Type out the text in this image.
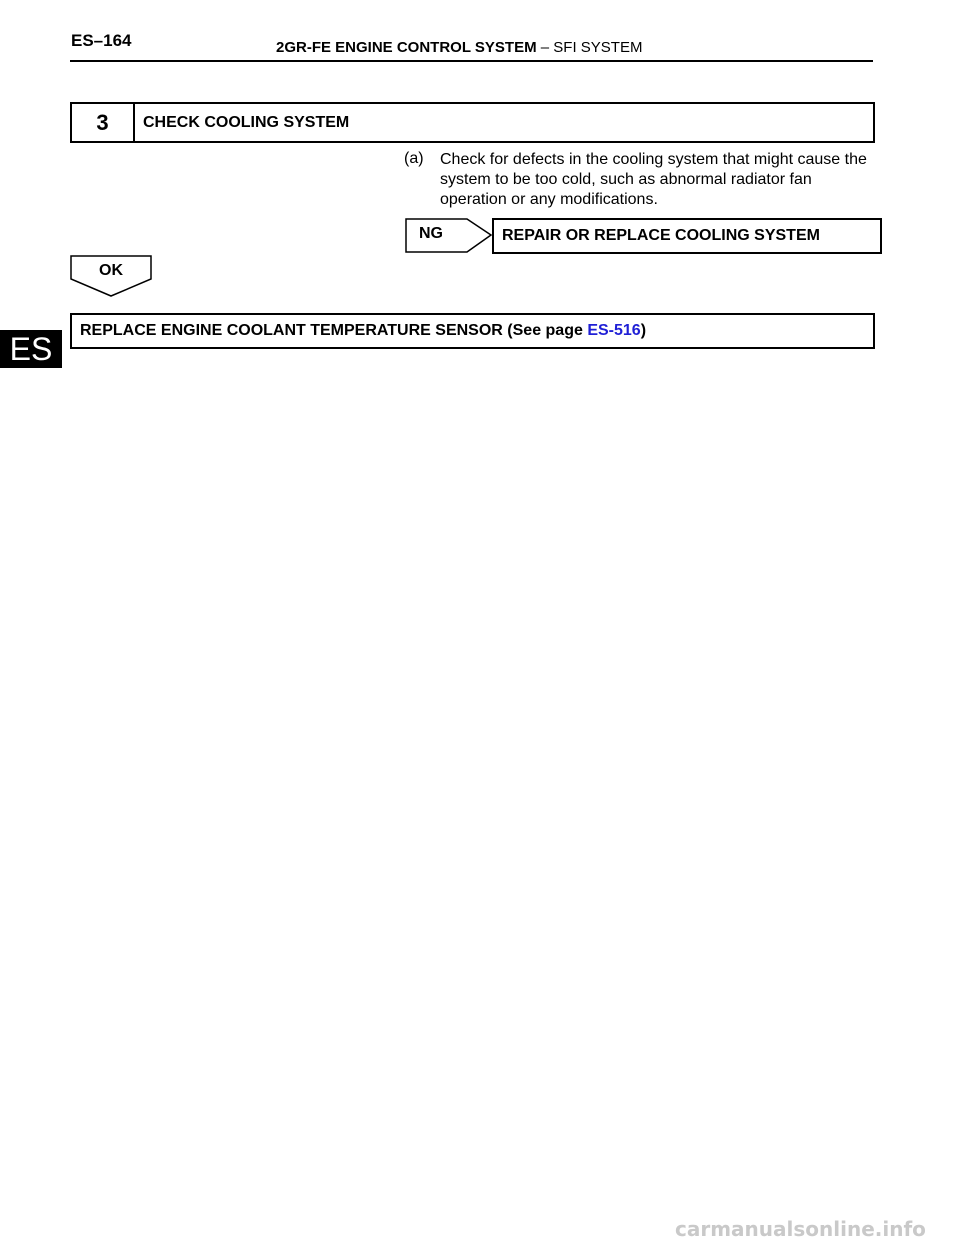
ES–164	2GR-FE ENGINE CONTROL SYSTEM – SFI SYSTEM
ES
3	CHECK COOLING SYSTEM
(a) Check for defects in the cooling system that might cause the system to be too cold, such as abnormal radiator fan operation or any modifications.
NG	REPAIR OR REPLACE COOLING SYSTEM
OK
REPLACE ENGINE COOLANT TEMPERATURE SENSOR (See page ES-516)
carmanualsonline.info
